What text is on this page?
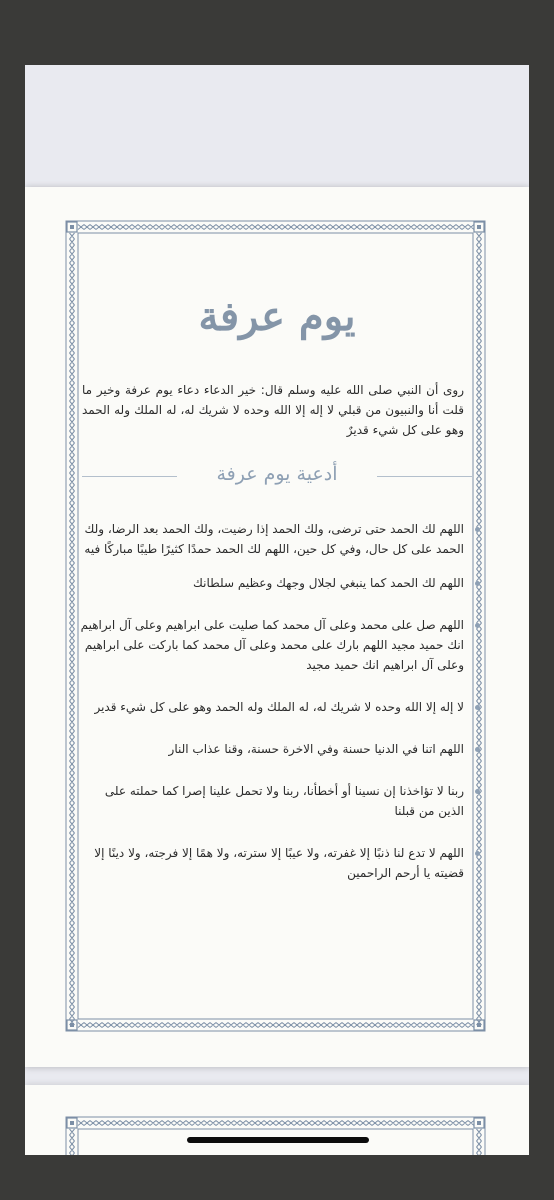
يوم عرفة
روى أن النبي صلى الله عليه وسلم قال: خير الدعاء دعاء يوم عرفة وخير ما قلت أنا والنبيون من قبلي لا إله إلا الله وحده لا شريك له، له الملك وله الحمد وهو على كل شيء قديرٌ
أدعية يوم عرفة
اللهم لك الحمد حتى ترضى، ولك الحمد إذا رضيت، ولك الحمد بعد الرضا، ولك الحمد على كل حال، وفي كل حين، اللهم لك الحمد حمدًا كثيرًا طيبًا مباركًا فيه
اللهم لك الحمد كما ينبغي لجلال وجهك وعظيم سلطانك
اللهم صل على محمد وعلى آل محمد كما صليت على ابراهيم وعلى آل ابراهيم انك حميد مجيد اللهم بارك على محمد وعلى آل محمد كما باركت على ابراهيم وعلى آل ابراهيم انك حميد مجيد
لا إله إلا الله وحده لا شريك له، له الملك وله الحمد وهو على كل شيء قدير
اللهم اتنا في الدنيا حسنة وفي الاخرة حسنة، وقنا عذاب النار
ربنا لا تؤاخذنا إن نسينا أو أخطأنا، ربنا ولا تحمل علينا إصرا كما حملته على الذين من قبلنا
اللهم لا تدع لنا ذنبًا إلا غفرته، ولا عيبًا إلا سترته، ولا همًا إلا فرجته، ولا دينًا إلا قضيته يا أرحم الراحمين
